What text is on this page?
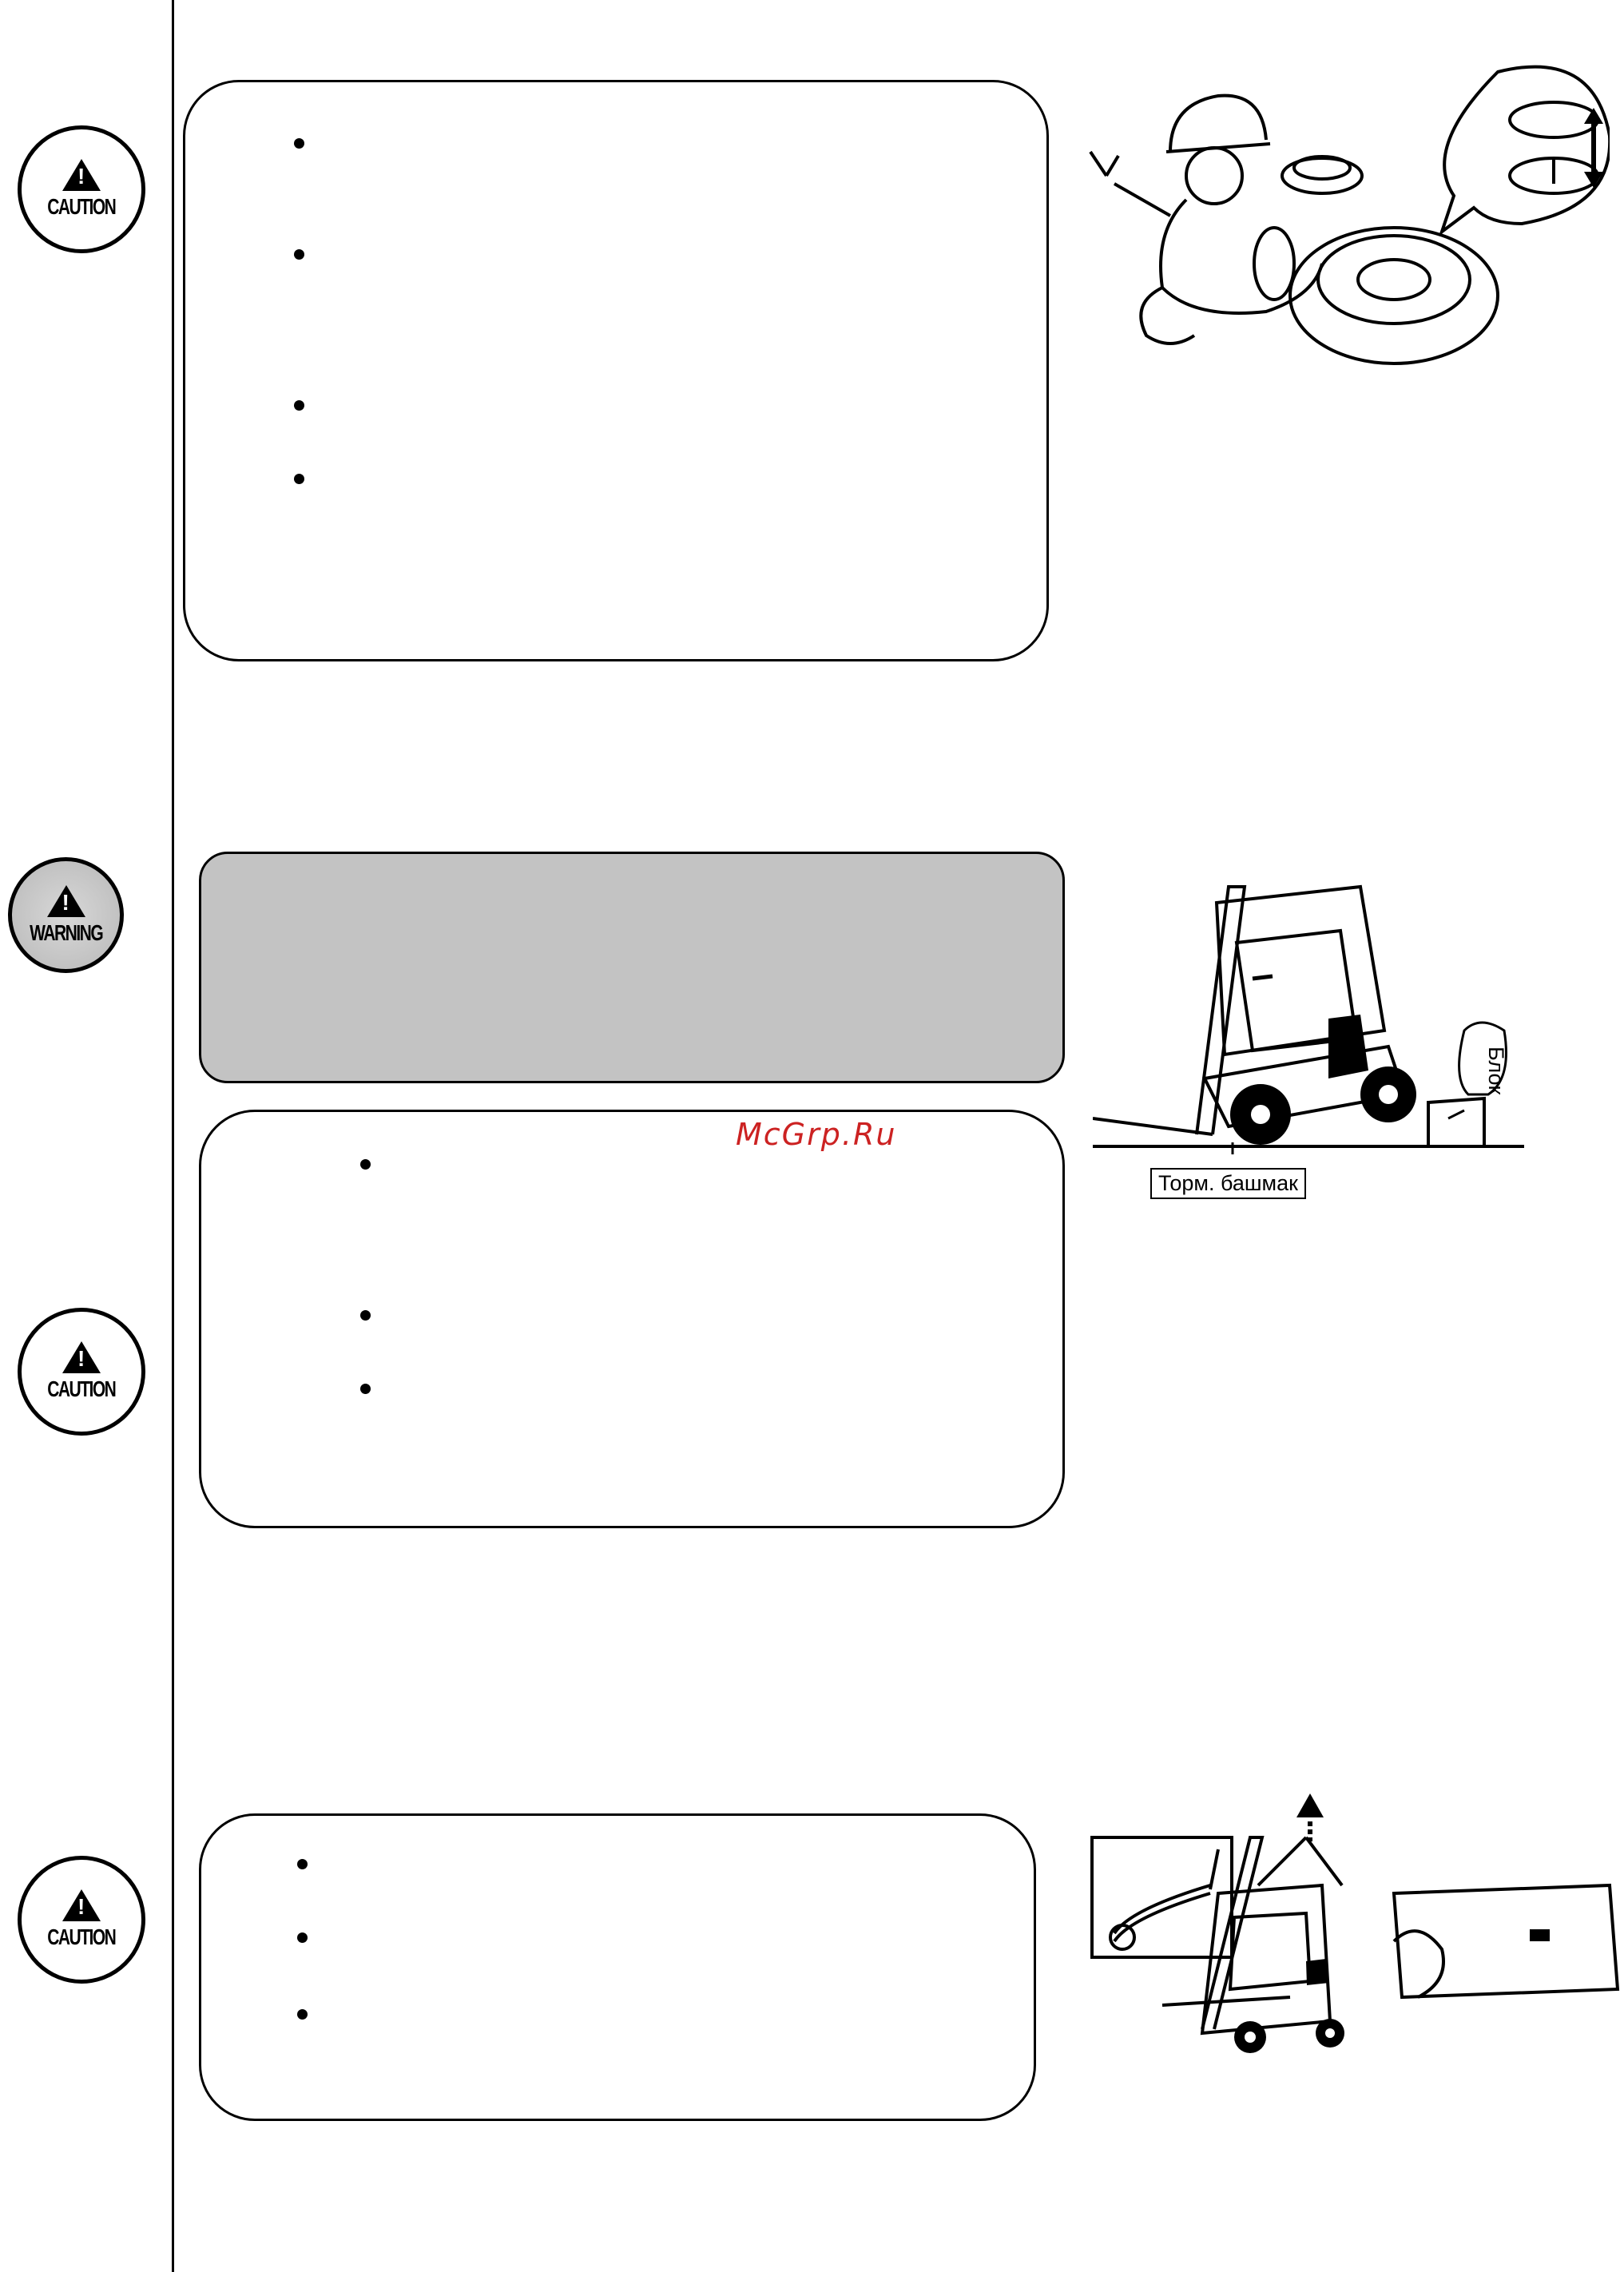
!
CAUTION
!
WARNING
!
CAUTION
!
CAUTION
McGrp.Ru
Блок
Торм. башмак
